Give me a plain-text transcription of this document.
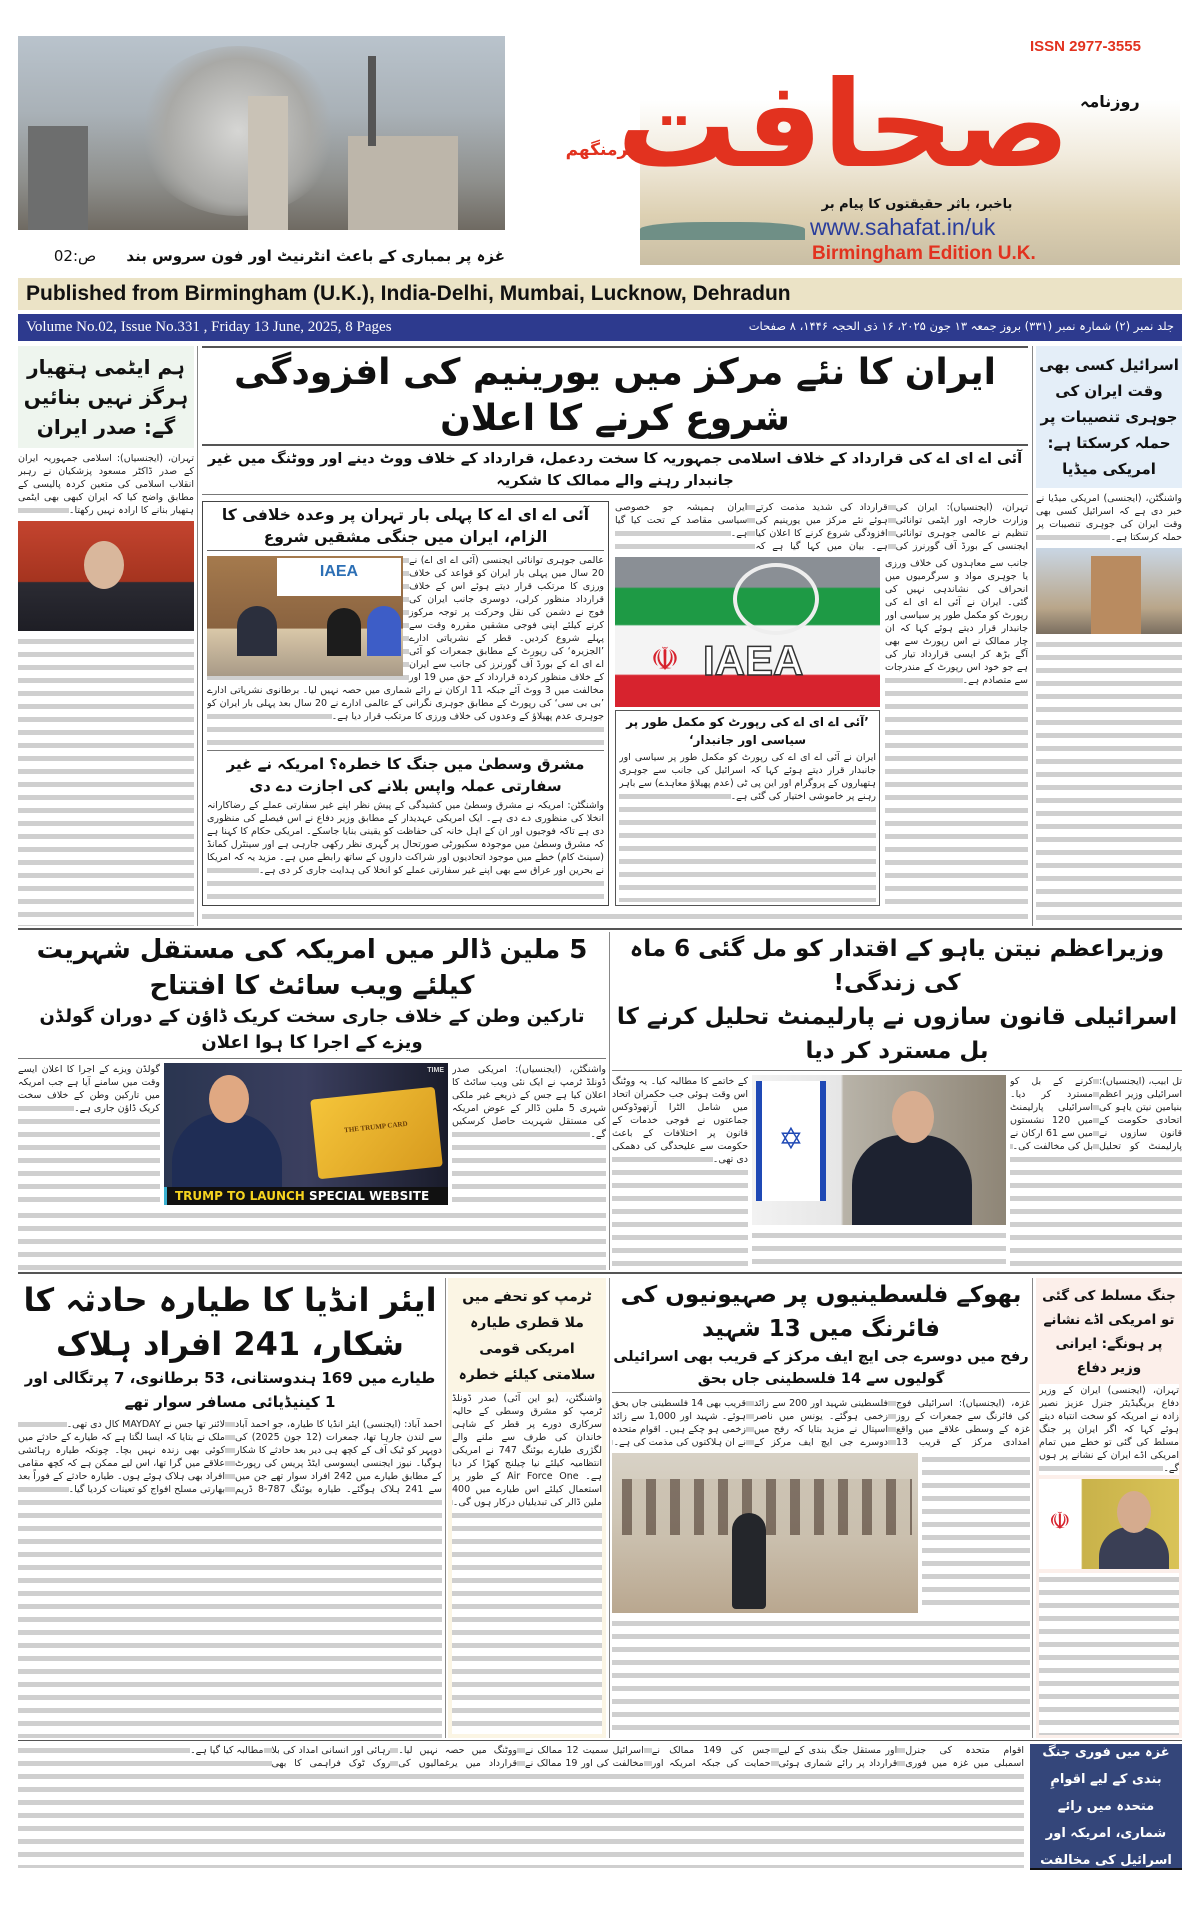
غزہ پر بمباری کے باعث انٹرنیٹ اور فون سروس بند
ص:02
ISSN 2977-3555
روزنامہ
صحافت
برمنگھم
باخبر، باثر حقیقتوں کا پیام بر
www.sahafat.in/uk
Birmingham Edition U.K.
Published from Birmingham (U.K.), India-Delhi, Mumbai, Lucknow, Dehradun
Volume No.02, Issue No.331 , Friday 13 June, 2025, 8 Pages	جلد نمبر (۲) شمارہ نمبر (۳۳۱) بروز جمعہ ۱۳ جون ۲۰۲۵، ۱۶ ذی الحجہ ۱۴۴۶، ۸ صفحات
ہم ایٹمی ہتھیار ہرگز نہیں بنائیں گے: صدر ایران
تہران، (ایجنسیاں): اسلامی جمہوریہ ایران کے صدر ڈاکٹر مسعود پزشکیان نے رہبر انقلاب اسلامی کی متعین کردہ پالیسی کے مطابق واضح کیا کہ ایران کبھی بھی ایٹمی ہتھیار بنانے کا ارادہ نہیں رکھتا۔
اسرائیل کسی بھی وقت ایران کی جوہری تنصیبات پر حملہ کرسکتا ہے: امریکی میڈیا
واشنگٹن، (ایجنسی) امریکی میڈیا نے خبر دی ہے کہ اسرائیل کسی بھی وقت ایران کی جوہری تنصیبات پر حملہ کرسکتا ہے۔
ایران کا نئے مرکز میں یورینیم کی افزودگی شروع کرنے کا اعلان
آئی اے ای اے کی قرارداد کے خلاف اسلامی جمہوریہ کا سخت ردعمل، قرارداد کے خلاف ووٹ دینے اور ووٹنگ میں غیر جانبدار رہنے والے ممالک کا شکریہ
آئی اے ای اے کا پہلی بار تہران پر وعدہ خلافی کا الزام، ایران میں جنگی مشقیں شروع
IAEA
عالمی جوہری توانائی ایجنسی (آئی اے ای اے) نے 20 سال میں پہلی بار ایران کو قواعد کی خلاف ورزی کا مرتکب قرار دیتے ہوئے اس کے خلاف قرارداد منظور کرلی، دوسری جانب ایران کی فوج نے دشمن کی نقل وحرکت پر توجہ مرکوز کرنے کیلئے اپنی فوجی مشقیں مقررہ وقت سے پہلے شروع کردیں۔ قطر کے نشریاتی ادارے ’الجزیرہ‘ کی رپورٹ کے مطابق جمعرات کو آئی اے ای اے کے بورڈ آف گورنرز کی جانب سے ایران کے خلاف منظور کردہ قرارداد کے حق میں 19 اور مخالفت میں 3 ووٹ آئے جبکہ 11 ارکان نے رائے شماری میں حصہ نہیں لیا۔ برطانوی نشریاتی ادارے ’بی بی سی‘ کی رپورٹ کے مطابق جوہری نگرانی کے عالمی ادارے نے 20 سال بعد پہلی بار ایران کو جوہری عدم پھیلاؤ کے وعدوں کی خلاف ورزی کا مرتکب قرار دیا ہے۔
مشرق وسطیٰ میں جنگ کا خطرہ؟ امریکہ نے غیر سفارتی عملہ واپس بلانے کی اجازت دے دی
واشنگٹن: امریکہ نے مشرق وسطیٰ میں کشیدگی کے پیش نظر اپنے غیر سفارتی عملے کے رضاکارانہ انخلا کی منظوری دے دی ہے۔ ایک امریکی عہدیدار کے مطابق وزیر دفاع نے اس فیصلے کی منظوری دی ہے تاکہ فوجیوں اور ان کے اہل خانہ کی حفاظت کو یقینی بنایا جاسکے۔ امریکی حکام کا کہنا ہے کہ مشرق وسطیٰ میں موجودہ سکیورٹی صورتحال پر گہری نظر رکھی جارہی ہے اور سینٹرل کمانڈ (سینٹ کام) خطے میں موجود اتحادیوں اور شراکت داروں کے ساتھ رابطے میں ہے۔ مزید یہ کہ امریکا نے بحرین اور عراق سے بھی اپنے غیر سفارتی عملے کو انخلا کی ہدایت جاری کر دی ہے۔
تہران، (ایجنسیاں): ایران کی وزارت خارجہ اور ایٹمی توانائی تنظیم نے عالمی جوہری توانائی ایجنسی کے بورڈ آف گورنرز کی قرارداد کی شدید مذمت کرتے ہوئے نئے مرکز میں یورینیم کی افزودگی شروع کرنے کا اعلان کیا ہے۔ بیان میں کہا گیا ہے کہ ایران ہمیشہ جو خصوصی سیاسی مقاصد کے تحت کیا گیا ہے۔
☫ IAEA
’آئی اے ای اے کی رپورٹ کو مکمل طور پر سیاسی اور جانبدار‘
ایران نے آئی اے ای اے کی رپورٹ کو مکمل طور پر سیاسی اور جانبدار قرار دیتے ہوئے کہا کہ اسرائیل کی جانب سے جوہری ہتھیاروں کے پروگرام اور این پی ٹی (عدم پھیلاؤ معاہدے) سے باہر رہنے پر خاموشی اختیار کی گئی ہے۔
جانب سے معاہدوں کی خلاف ورزی یا جوہری مواد و سرگرمیوں میں انحراف کی نشاندہی نہیں کی گئی۔ ایران نے آئی اے ای اے کی رپورٹ کو مکمل طور پر سیاسی اور جانبدار قرار دیتے ہوئے کہا کہ ان چار ممالک نے اس رپورٹ سے بھی آگے بڑھ کر ایسی قرارداد تیار کی ہے جو خود اس رپورٹ کے مندرجات سے متصادم ہے۔
5 ملین ڈالر میں امریکہ کی مستقل شہریت کیلئے ویب سائٹ کا افتتاح
تارکین وطن کے خلاف جاری سخت کریک ڈاؤن کے دوران گولڈن ویزے کے اجرا کا ہوا اعلان
گولڈن ویزے کے اجرا کا اعلان ایسے وقت میں سامنے آیا ہے جب امریکہ میں تارکین وطن کے خلاف سخت کریک ڈاؤن جاری ہے۔
THE TRUMP CARD
TIME
TRUMP TO LAUNCH SPECIAL WEBSITE
واشنگٹن، (ایجنسیاں): امریکی صدر ڈونلڈ ٹرمپ نے ایک نئی ویب سائٹ کا اعلان کیا ہے جس کے ذریعے غیر ملکی شہری 5 ملین ڈالر کے عوض امریکہ کی مستقل شہریت حاصل کرسکیں گے۔
وزیراعظم نیتن یاہو کے اقتدار کو مل گئی 6 ماہ کی زندگی!
اسرائیلی قانون سازوں نے پارلیمنٹ تحلیل کرنے کا بل مسترد کر دیا
کے خاتمے کا مطالبہ کیا۔ یہ ووٹنگ اس وقت ہوئی جب حکمران اتحاد میں شامل الٹرا آرتھوڈوکس جماعتوں نے فوجی خدمات کے قانون پر اختلافات کے باعث حکومت سے علیحدگی کی دھمکی دی تھی۔
✡
تل ابیب، (ایجنسیاں): اسرائیلی وزیر اعظم بنیامین نیتن یاہو کی اتحادی حکومت کے قانون سازوں نے پارلیمنٹ کو تحلیل کرنے کے بل کو مسترد کر دیا۔ اسرائیلی پارلیمنٹ میں 120 نشستوں میں سے 61 ارکان نے بل کی مخالفت کی۔
ایئر انڈیا کا طیارہ حادثہ کا شکار، 241 افراد ہلاک
طیارے میں 169 ہندوستانی، 53 برطانوی، 7 پرتگالی اور 1 کینیڈیائی مسافر سوار تھے
احمد آباد: (ایجنسی) ایئر انڈیا کا طیارہ، جو احمد آباد سے لندن جارہا تھا، جمعرات (12 جون 2025) کی دوپہر کو ٹیک آف کے کچھ ہی دیر بعد حادثے کا شکار ہوگیا۔ نیوز ایجنسی ایسوسی ایٹڈ پریس کی رپورٹ کے مطابق طیارے میں 242 افراد سوار تھے جن میں سے 241 ہلاک ہوگئے۔ طیارہ بوئنگ 787-8 ڈریم لائنر تھا جس نے MAYDAY کال دی تھی۔
ملک نے بتایا کہ ایسا لگتا ہے کہ طیارے کے حادثے میں کوئی بھی زندہ نہیں بچا۔ چونکہ طیارہ رہائشی علاقے میں گرا تھا، اس لیے ممکن ہے کہ کچھ مقامی افراد بھی ہلاک ہوئے ہوں۔ طیارہ حادثے کے فوراً بعد بھارتی مسلح افواج کو تعینات کردیا گیا۔
ٹرمپ کو تحفے میں ملا قطری طیارہ امریکی قومی سلامتی کیلئے خطرہ
واشنگٹن، (یو این آئی) صدر ڈونلڈ ٹرمپ کو مشرق وسطی کے حالیہ سرکاری دورے پر قطر کے شاہی خاندان کی طرف سے ملنے والے لگژری طیارے بوئنگ 747 نے امریکی انتظامیہ کیلئے نیا چیلنج کھڑا کر دیا ہے۔ Air Force One کے طور پر استعمال کیلئے اس طیارے میں 400 ملین ڈالر کی تبدیلیاں درکار ہوں گی۔
بھوکے فلسطینیوں پر صہیونیوں کی فائرنگ میں 13 شہید
رفح میں دوسرے جی ایچ ایف مرکز کے قریب بھی اسرائیلی گولیوں سے 14 فلسطینی جاں بحق
غزہ، (ایجنسیاں): اسرائیلی فوج کی فائرنگ سے جمعرات کے روز غزہ کے وسطی علاقے میں واقع امدادی مرکز کے قریب 13 فلسطینی شہید اور 200 سے زائد زخمی ہوگئے۔ یونس میں ناصر اسپتال نے مزید بتایا کہ رفح میں دوسرے جی ایچ ایف مرکز کے قریب بھی 14 فلسطینی جاں بحق ہوئے۔ شہید اور 1,000 سے زائد زخمی ہو چکے ہیں۔ اقوام متحدہ نے ان ہلاکتوں کی مذمت کی ہے۔
جنگ مسلط کی گئی تو امریکی اڈے نشانے پر ہونگے: ایرانی وزیر دفاع
تہران، (ایجنسی) ایران کے وزیر دفاع بریگیڈیئر جنرل عزیز نصیر زادہ نے امریکہ کو سخت انتباہ دیتے ہوئے کہا کہ اگر ایران پر جنگ مسلط کی گئی تو خطے میں تمام امریکی اڈے ایران کے نشانے پر ہوں گے۔
☫
اقوام متحدہ کی جنرل اسمبلی میں غزہ میں فوری اور مستقل جنگ بندی کے لیے قرارداد پر رائے شماری ہوئی جس کی 149 ممالک نے حمایت کی جبکہ امریکہ اور اسرائیل سمیت 12 ممالک نے مخالفت کی اور 19 ممالک نے ووٹنگ میں حصہ نہیں لیا۔ قرارداد میں یرغمالیوں کی رہائی اور انسانی امداد کی بلا روک ٹوک فراہمی کا بھی مطالبہ کیا گیا ہے۔	غزہ میں فوری جنگ بندی کے لیے اقوامِ متحدہ میں رائے شماری، امریکہ اور اسرائیل کی مخالفت
